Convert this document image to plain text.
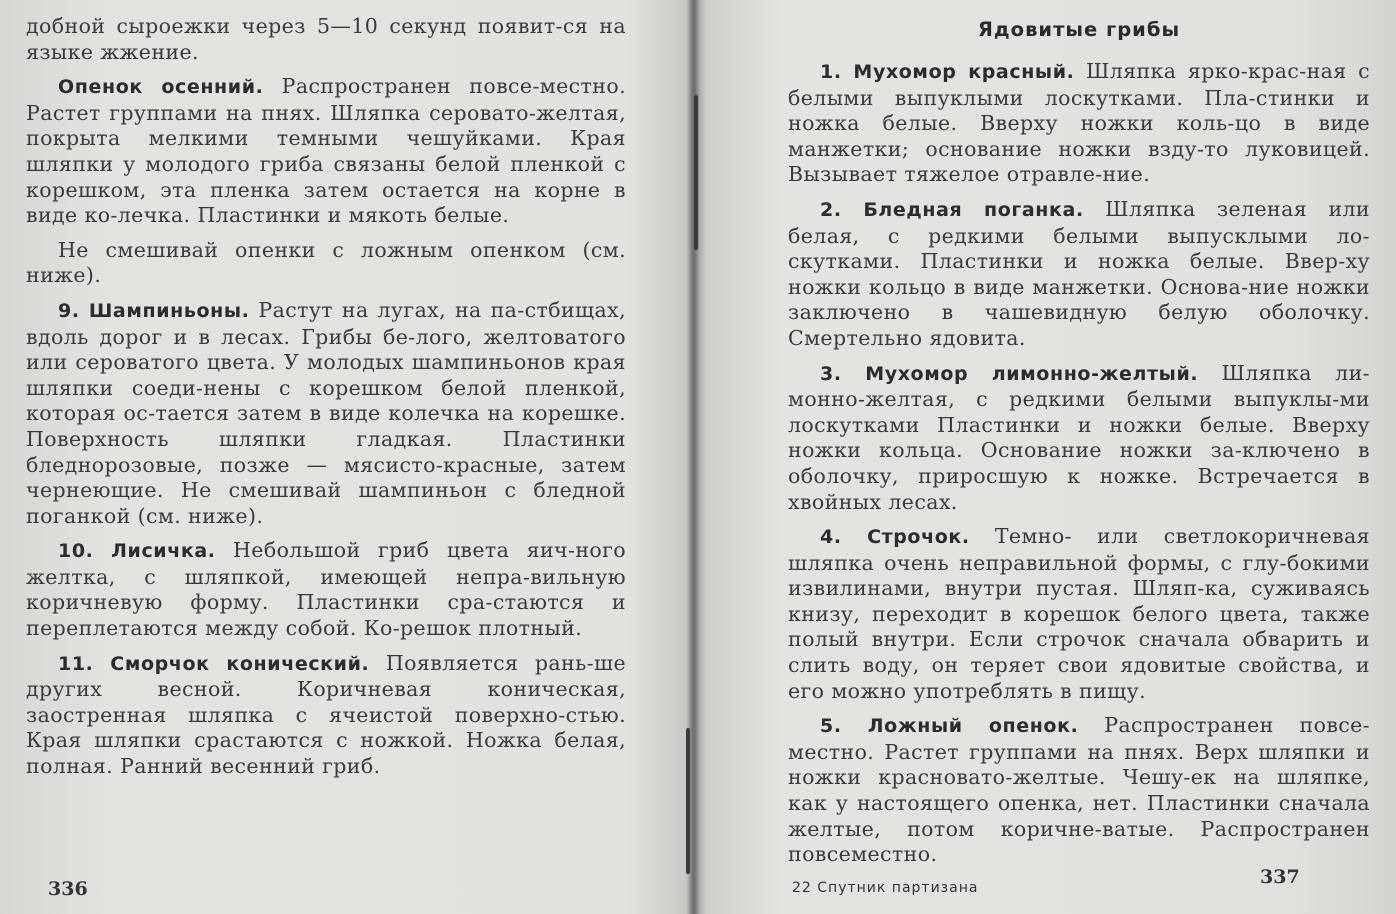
добной сыроежки через 5—10 секунд появит-ся на языке жжение.

Опенок осенний. Распространен повсе-местно. Растет группами на пнях. Шляпка серовато-желтая, покрыта мелкими темными чешуйками. Края шляпки у молодого гриба связаны белой пленкой с корешком, эта пленка затем остается на корне в виде ко-лечка. Пластинки и мякоть белые.

Не смешивай опенки с ложным опенком (см. ниже).

9. Шампиньоны. Растут на лугах, на па-стбищах, вдоль дорог и в лесах. Грибы бе-лого, желтоватого или сероватого цвета. У молодых шампиньонов края шляпки соеди-нены с корешком белой пленкой, которая ос-тается затем в виде колечка на корешке. Поверхность шляпки гладкая. Пластинки бледнорозовые, позже — мясисто-красные, затем чернеющие. Не смешивай шампиньон с бледной поганкой (см. ниже).

10. Лисичка. Небольшой гриб цвета яич-ного желтка, с шляпкой, имеющей непра-вильную коричневую форму. Пластинки сра-стаются и переплетаются между собой. Ко-решок плотный.

11. Сморчок конический. Появляется рань-ше других весной. Коричневая коническая, заостренная шляпка с ячеистой поверхно-стью. Края шляпки срастаются с ножкой. Ножка белая, полная. Ранний весенний гриб.

336
Ядовитые грибы

1. Мухомор красный. Шляпка ярко-крас-ная с белыми выпуклыми лоскутками. Пла-стинки и ножка белые. Вверху ножки коль-цо в виде манжетки; основание ножки взду-то луковицей. Вызывает тяжелое отравле-ние.

2. Бледная поганка. Шляпка зеленая или белая, с редкими белыми выпусклыми ло-скутками. Пластинки и ножка белые. Ввер-ху ножки кольцо в виде манжетки. Основа-ние ножки заключено в чашевидную белую оболочку. Смертельно ядовита.

3. Мухомор лимонно-желтый. Шляпка ли-монно-желтая, с редкими белыми выпуклы-ми лоскутками Пластинки и ножки белые. Вверху ножки кольца. Основание ножки за-ключено в оболочку, приросшую к ножке. Встречается в хвойных лесах.

4. Строчок. Темно- или светлокоричневая шляпка очень неправильной формы, с глу-бокими извилинами, внутри пустая. Шляп-ка, суживаясь книзу, переходит в корешок белого цвета, также полый внутри. Если строчок сначала обварить и слить воду, он теряет свои ядовитые свойства, и его можно употреблять в пищу.

5. Ложный опенок. Распространен повсе-местно. Растет группами на пнях. Верх шляпки и ножки красновато-желтые. Чешу-ек на шляпке, как у настоящего опенка, нет. Пластинки сначала желтые, потом коричне-ватые. Распространен повсеместно.

22 Спутник партизана	337
